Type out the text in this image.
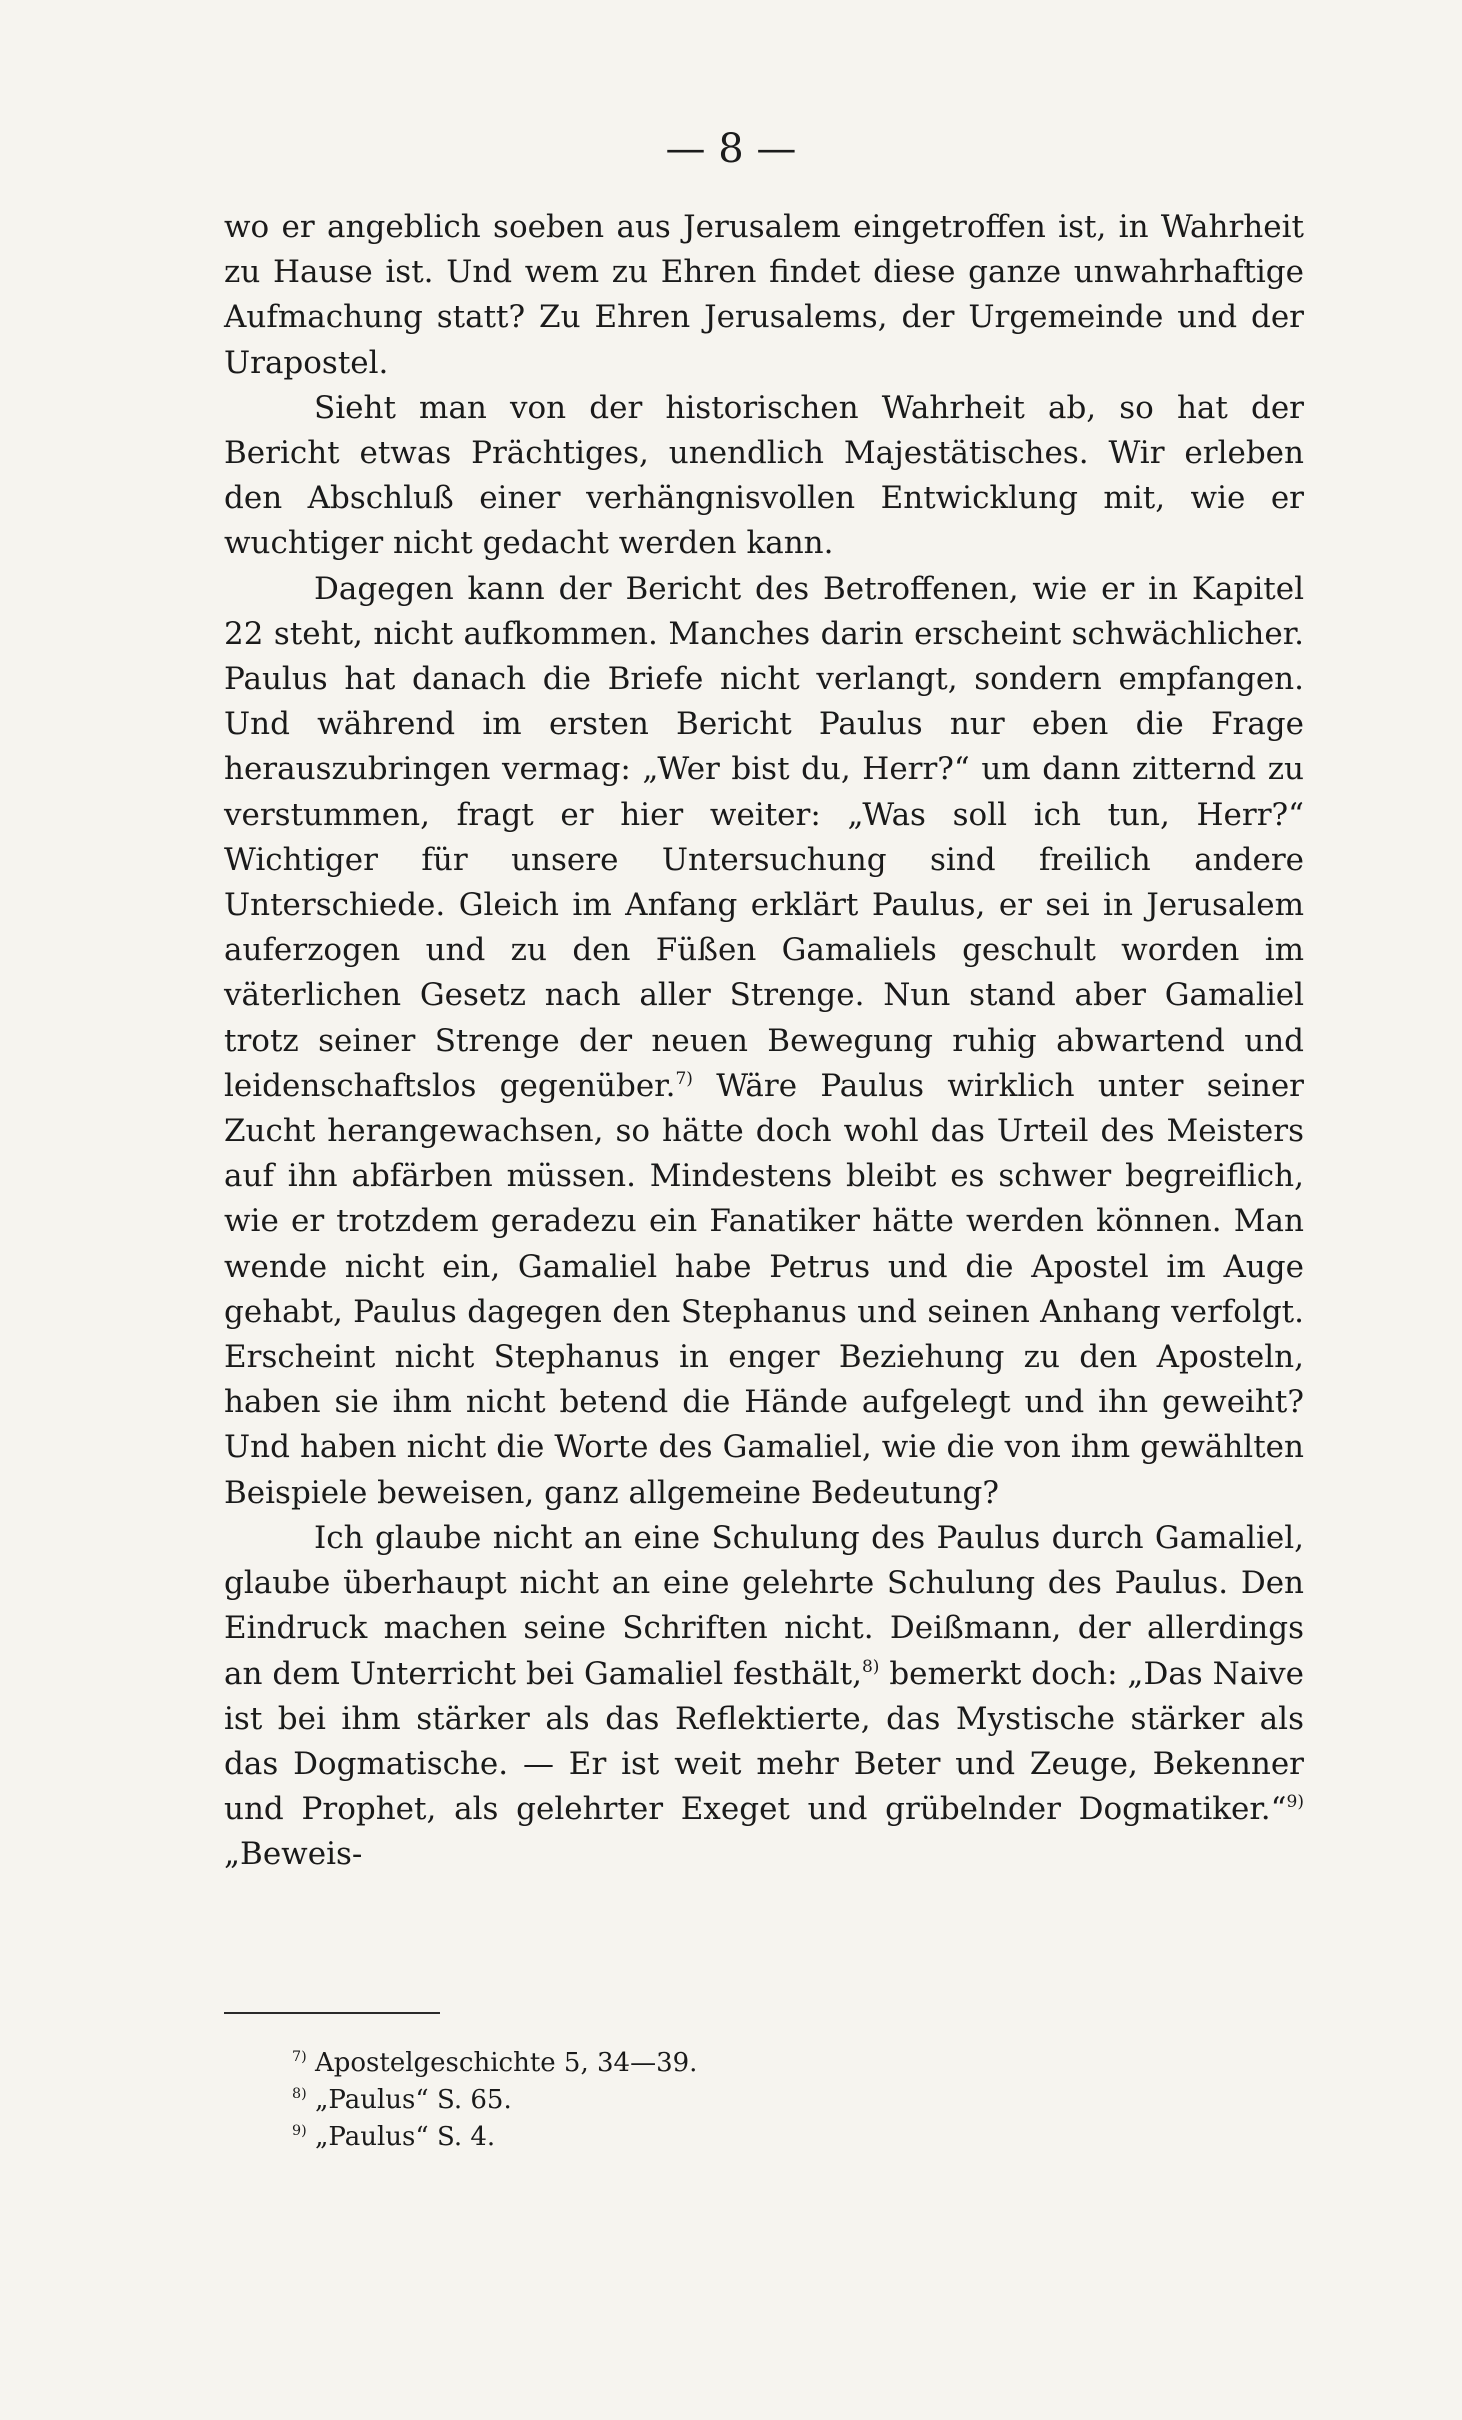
— 8 —

wo er angeblich soeben aus Jerusalem eingetroffen ist, in Wahrheit zu Hause ist. Und wem zu Ehren findet diese ganze unwahrhaftige Aufmachung statt? Zu Ehren Jerusalems, der Urgemeinde und der Urapostel.

Sieht man von der historischen Wahrheit ab, so hat der Bericht etwas Prächtiges, unendlich Majestätisches. Wir erleben den Abschluß einer verhängnisvollen Entwicklung mit, wie er wuchtiger nicht gedacht werden kann.

Dagegen kann der Bericht des Betroffenen, wie er in Kapitel 22 steht, nicht aufkommen. Manches darin erscheint schwächlicher. Paulus hat danach die Briefe nicht verlangt, sondern empfangen. Und während im ersten Bericht Paulus nur eben die Frage herauszubringen vermag: „Wer bist du, Herr?“ um dann zitternd zu verstummen, fragt er hier weiter: „Was soll ich tun, Herr?“ Wichtiger für unsere Untersuchung sind freilich andere Unterschiede. Gleich im Anfang erklärt Paulus, er sei in Jerusalem auferzogen und zu den Füßen Gamaliels geschult worden im väterlichen Gesetz nach aller Strenge. Nun stand aber Gamaliel trotz seiner Strenge der neuen Bewegung ruhig abwartend und leidenschaftslos gegenüber.$^{7)}$ Wäre Paulus wirklich unter seiner Zucht herangewachsen, so hätte doch wohl das Urteil des Meisters auf ihn abfärben müssen. Mindestens bleibt es schwer begreiflich, wie er trotzdem geradezu ein Fanatiker hätte werden können. Man wende nicht ein, Gamaliel habe Petrus und die Apostel im Auge gehabt, Paulus dagegen den Stephanus und seinen Anhang verfolgt. Erscheint nicht Stephanus in enger Beziehung zu den Aposteln, haben sie ihm nicht betend die Hände aufgelegt und ihn geweiht? Und haben nicht die Worte des Gamaliel, wie die von ihm gewählten Beispiele beweisen, ganz allgemeine Bedeutung?

Ich glaube nicht an eine Schulung des Paulus durch Gamaliel, glaube überhaupt nicht an eine gelehrte Schulung des Paulus. Den Eindruck machen seine Schriften nicht. Deißmann, der allerdings an dem Unterricht bei Gamaliel festhält,$^{8)}$ bemerkt doch: „Das Naive ist bei ihm stärker als das Reflektierte, das Mystische stärker als das Dogmatische. — Er ist weit mehr Beter und Zeuge, Bekenner und Prophet, als gelehrter Exeget und grübelnder Dogmatiker.“$^{9)}$ „Beweis-

$^{7)}$ Apostelgeschichte 5, 34—39.
$^{8)}$ „Paulus“ S. 65.
$^{9)}$ „Paulus“ S. 4.
